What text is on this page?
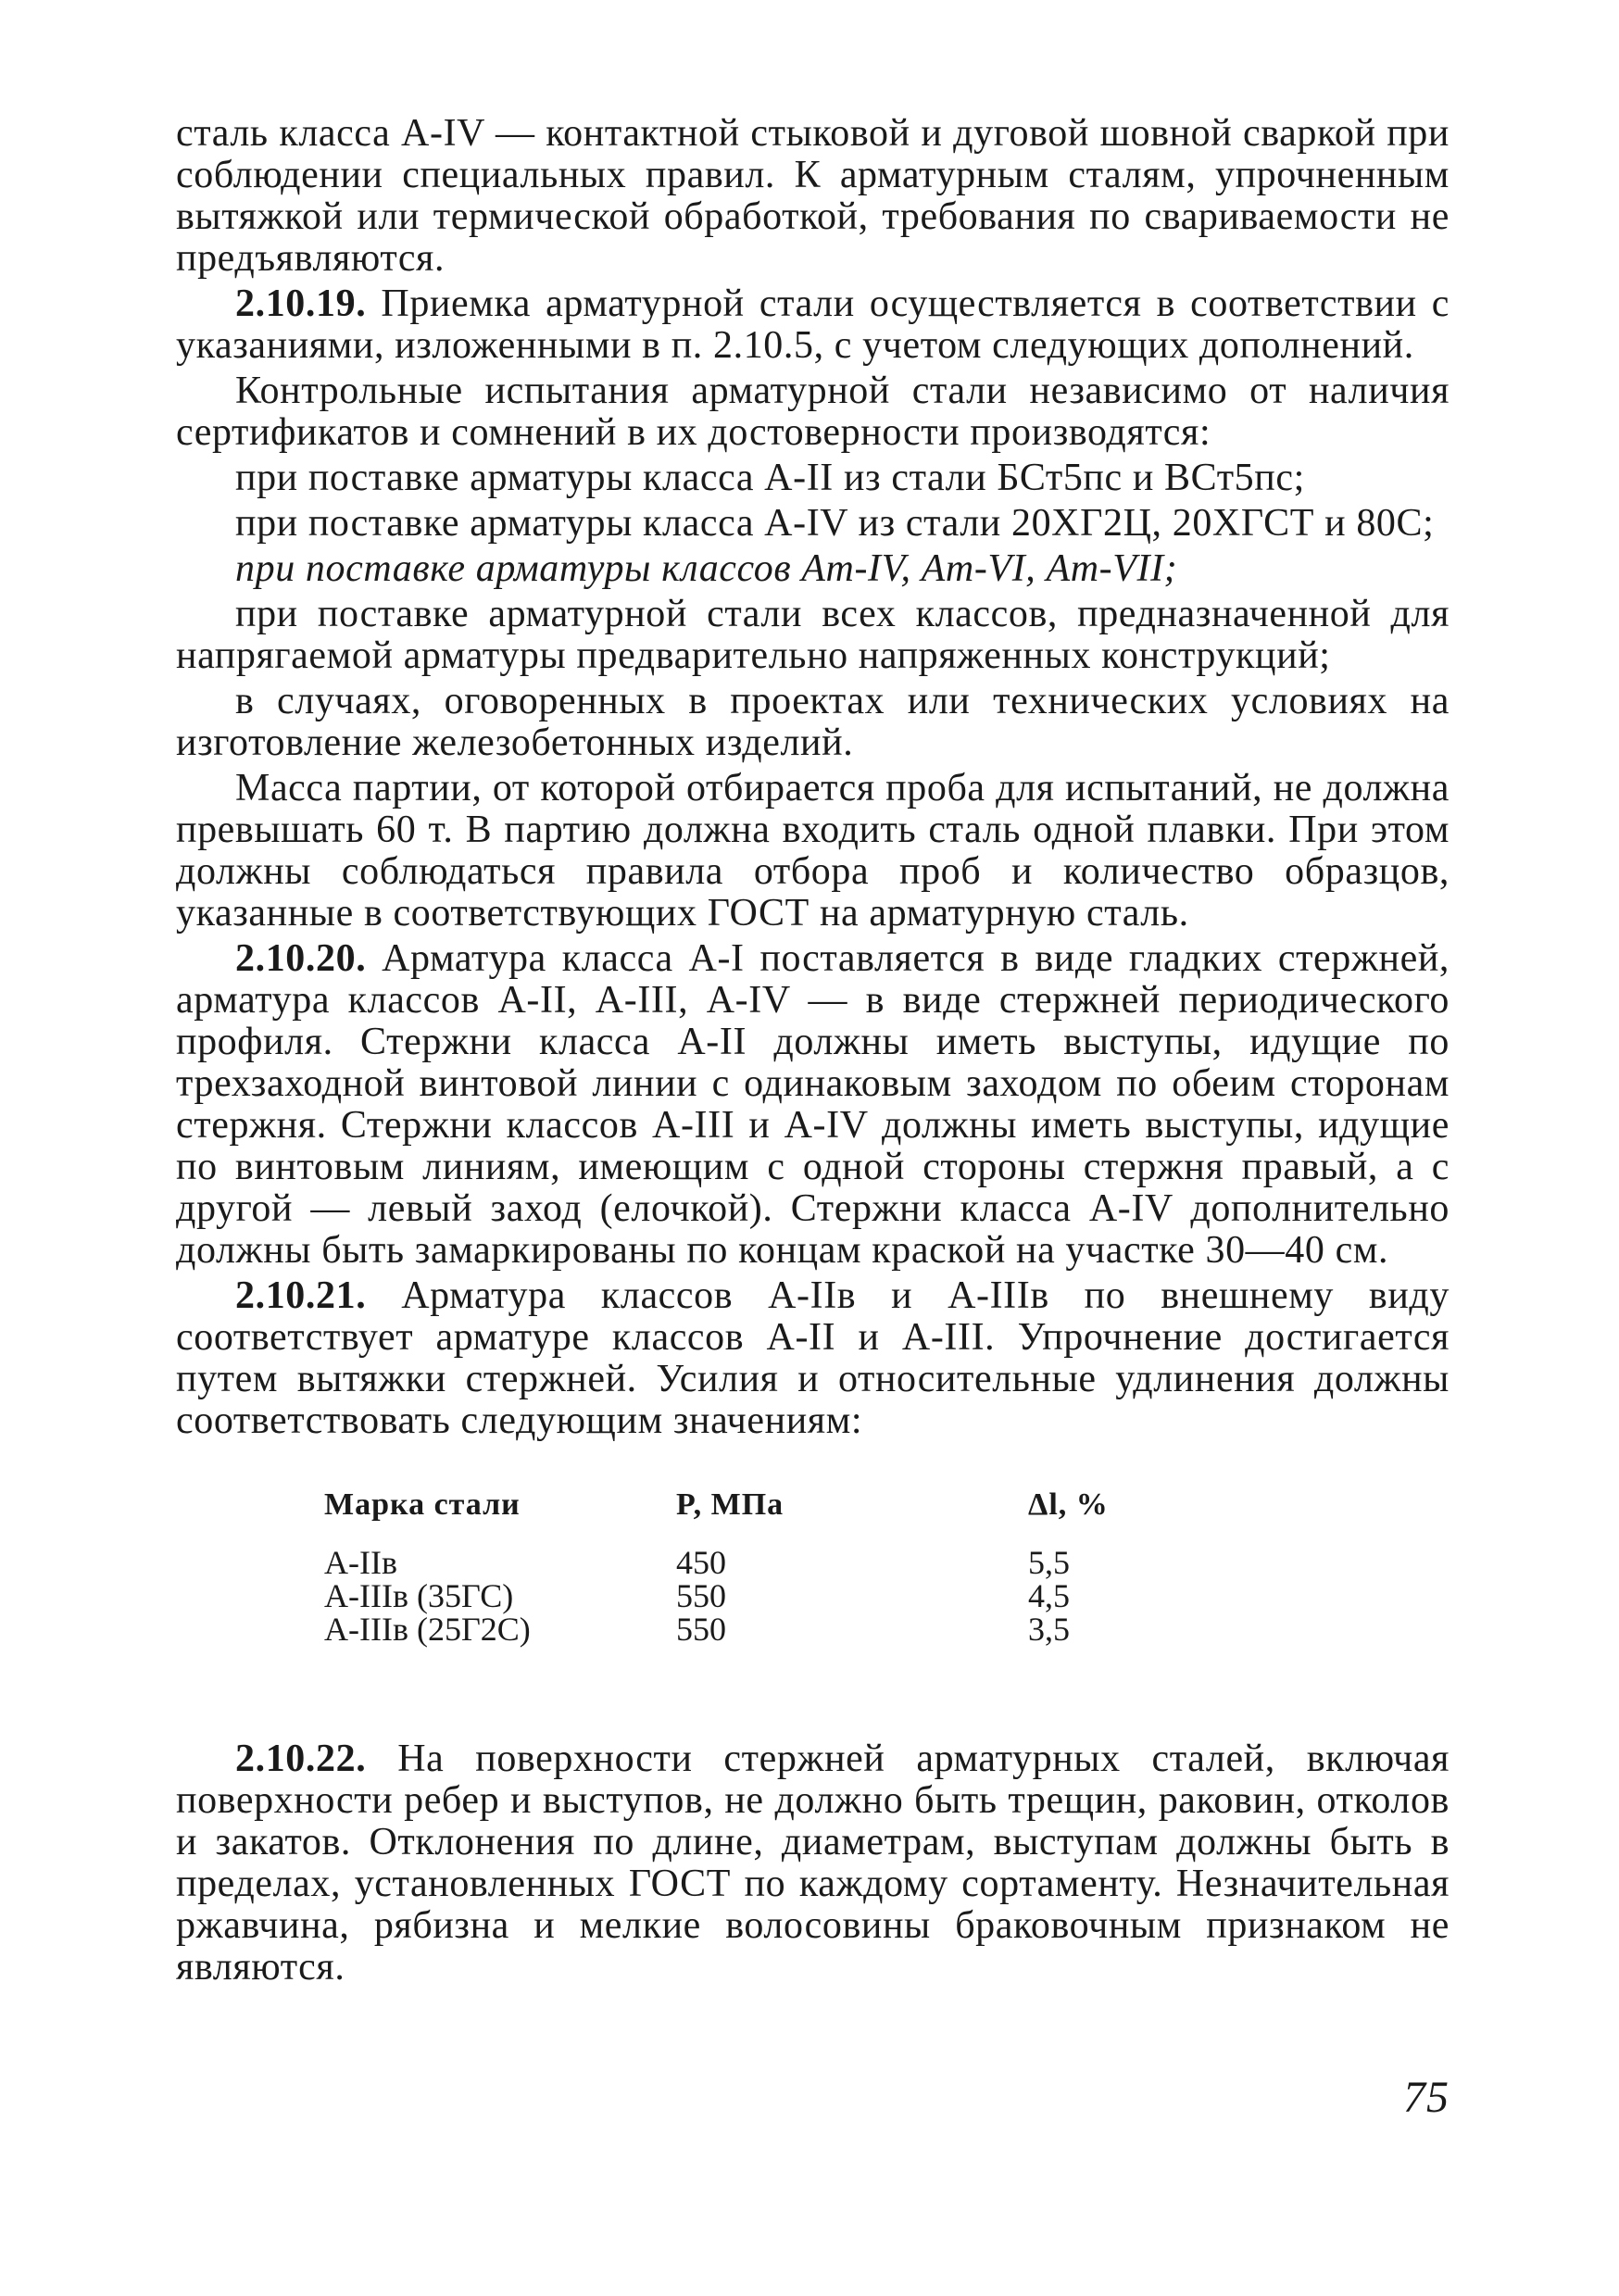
сталь класса А-IV — контактной стыковой и дуговой шовной сваркой при соблюдении специальных правил. К арматурным сталям, упрочненным вытяжкой или термической обработкой, требования по свариваемости не предъявляются.

2.10.19. Приемка арматурной стали осуществляется в соответствии с указаниями, изложенными в п. 2.10.5, с учетом следующих дополнений.

Контрольные испытания арматурной стали независимо от наличия сертификатов и сомнений в их достоверности производятся:

при поставке арматуры класса А-II из стали БСт5пс и ВСт5пс;

при поставке арматуры класса А-IV из стали 20ХГ2Ц, 20ХГСТ и 80С;

при поставке арматуры классов Ат-IV, Ат-VI, Ат-VII;

при поставке арматурной стали всех классов, предназначенной для напрягаемой арматуры предварительно напряженных конструкций;

в случаях, оговоренных в проектах или технических условиях на изготовление железобетонных изделий.

Масса партии, от которой отбирается проба для испытаний, не должна превышать 60 т. В партию должна входить сталь одной плавки. При этом должны соблюдаться правила отбора проб и количество образцов, указанные в соответствующих ГОСТ на арматурную сталь.

2.10.20. Арматура класса А-I поставляется в виде гладких стержней, арматура классов А-II, А-III, А-IV — в виде стержней периодического профиля. Стержни класса А-II должны иметь выступы, идущие по трехзаходной винтовой линии с одинаковым заходом по обеим сторонам стержня. Стержни классов А-III и А-IV должны иметь выступы, идущие по винтовым линиям, имеющим с одной стороны стержня правый, а с другой — левый заход (елочкой). Стержни класса А-IV дополнительно должны быть замаркированы по концам краской на участке 30—40 см.

2.10.21. Арматура классов А-IIв и А-IIIв по внешнему виду соответствует арматуре классов А-II и А-III. Упрочнение достигается путем вытяжки стержней. Усилия и относительные удлинения должны соответствовать следующим значениям:

Марка стали	P, МПа	Δl, %
А-IIв	450	5,5
А-IIIв (35ГС)	550	4,5
А-IIIв (25Г2С)	550	3,5

2.10.22. На поверхности стержней арматурных сталей, включая поверхности ребер и выступов, не должно быть трещин, раковин, отколов и закатов. Отклонения по длине, диаметрам, выступам должны быть в пределах, установленных ГОСТ по каждому сортаменту. Незначительная ржавчина, рябизна и мелкие волосовины браковочным признаком не являются.

75
